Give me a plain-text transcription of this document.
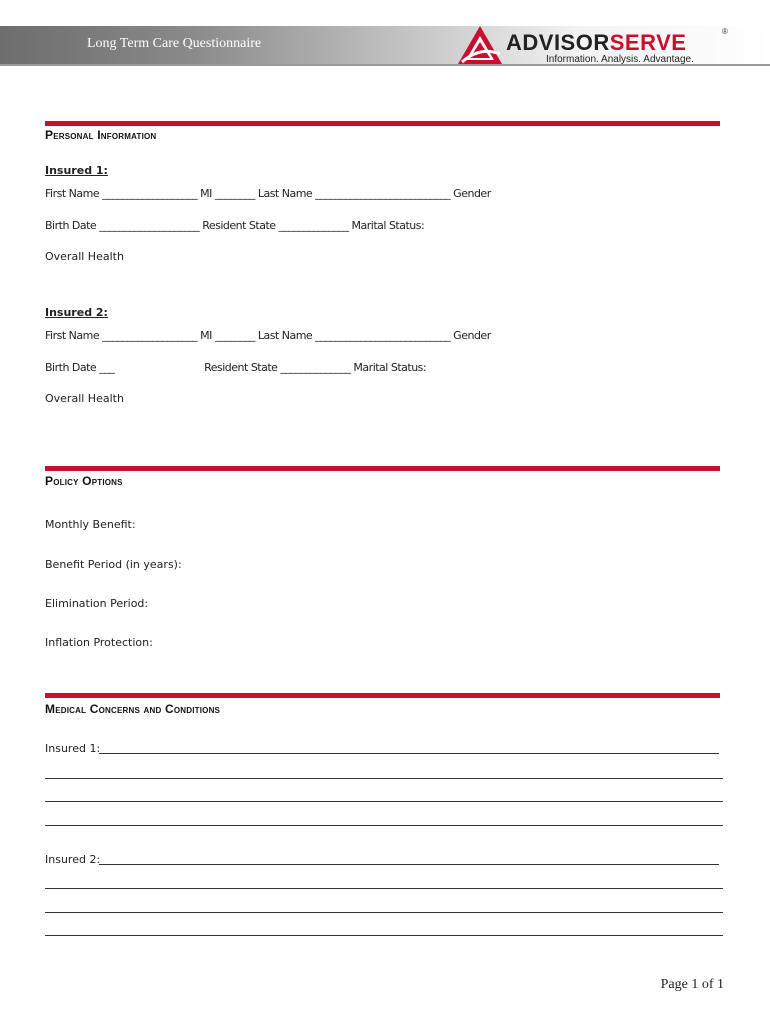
Long Term Care Questionnaire	ADVISORSERVE	®
Information. Analysis. Advantage.
Personal Information
Insured 1:
First Name ___________________ MI ________ Last Name ___________________________ Gender
Birth Date ____________________ Resident State ______________ Marital Status:
Overall Health
Insured 2:
First Name ___________________ MI ________ Last Name ___________________________ Gender
Birth Date ___                              Resident State ______________ Marital Status:
Overall Health
Policy Options
Monthly Benefit:
Benefit Period (in years):
Elimination Period:
Inflation Protection:
Medical Concerns and Conditions
Insured 1:
Insured 2:
Page 1 of 1
